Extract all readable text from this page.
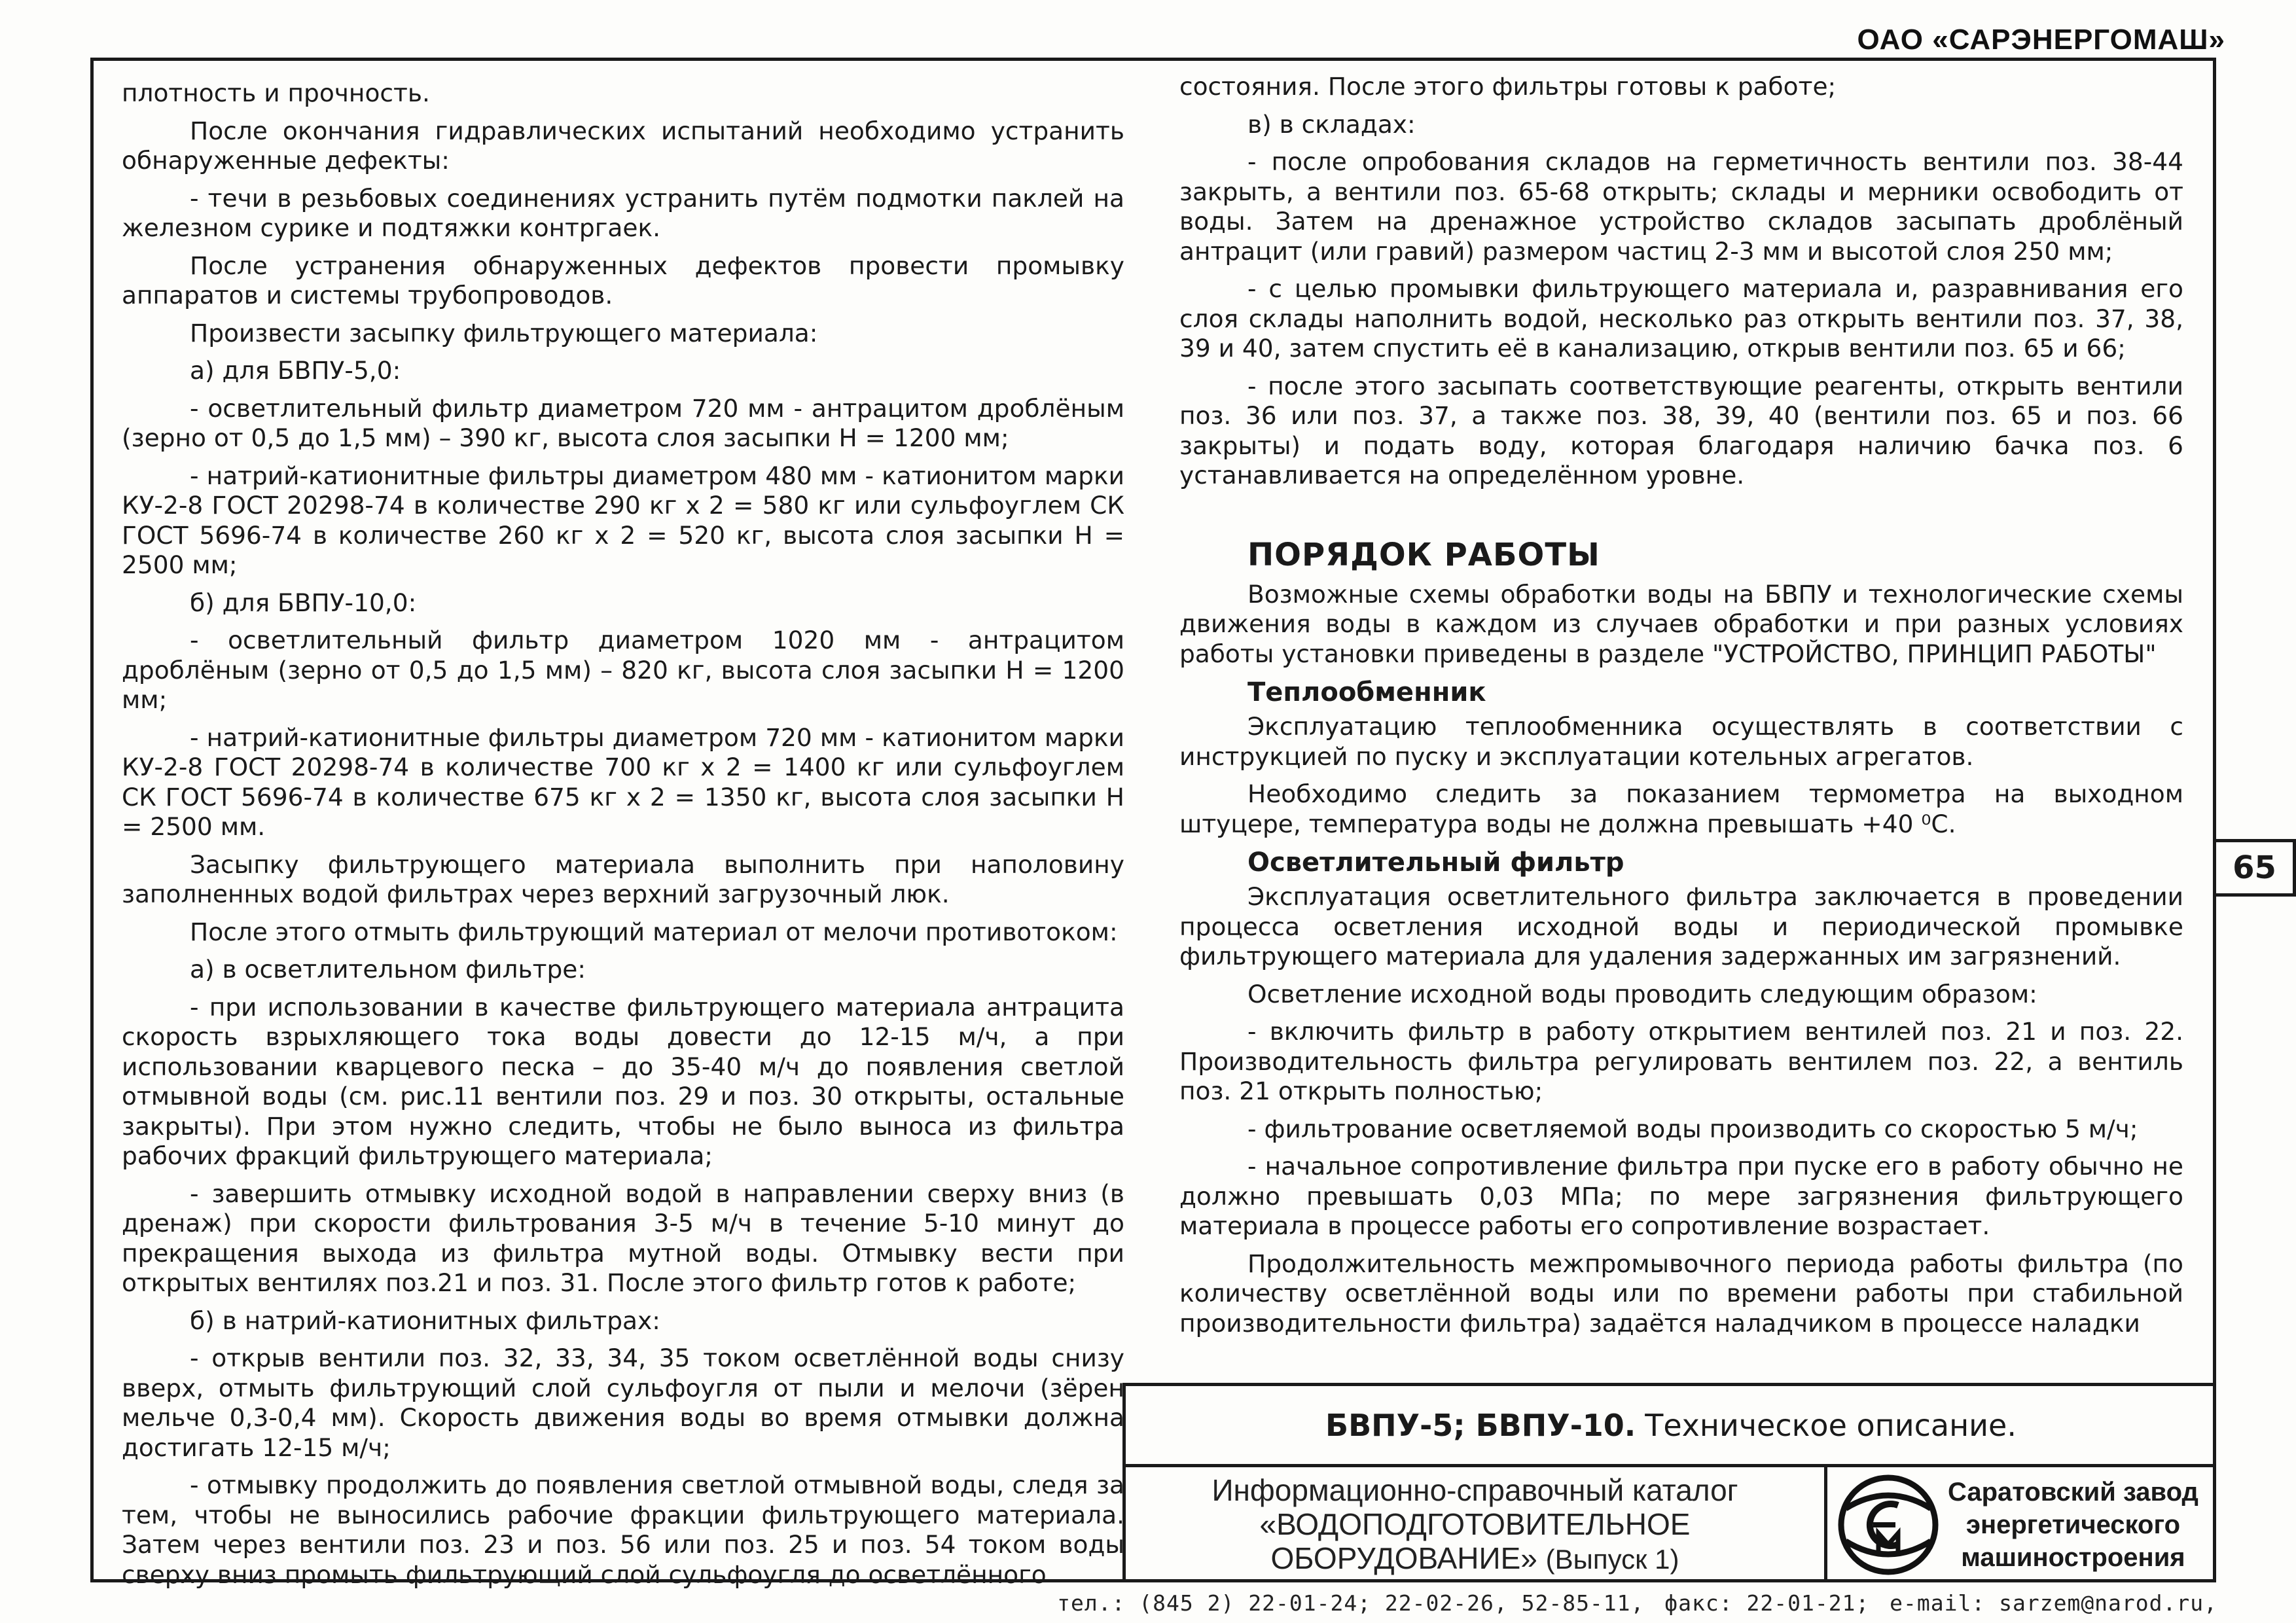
ОАО «САРЭНЕРГОМАШ»

плотность и прочность.

После окончания гидравлических испытаний необходимо устранить обнаруженные дефекты:

- течи в резьбовых соединениях устранить путём подмотки паклей на железном сурике и подтяжки контргаек.

После устранения обнаруженных дефектов провести промывку аппаратов и системы трубопроводов.

Произвести засыпку фильтрующего материала:

а) для БВПУ-5,0:

- осветлительный фильтр диаметром 720 мм - антрацитом дроблёным (зерно от 0,5 до 1,5 мм) – 390 кг, высота слоя засыпки Н = 1200 мм;

- натрий-катионитные фильтры диаметром 480 мм - катионитом марки КУ-2-8 ГОСТ 20298-74 в количестве 290 кг х 2 = 580 кг или сульфоуглем СК ГОСТ 5696-74 в количестве 260 кг х 2 = 520 кг, высота слоя засыпки Н = 2500 мм;

б) для БВПУ-10,0:

- осветлительный фильтр диаметром 1020 мм - антрацитом дроблёным (зерно от 0,5 до 1,5 мм) – 820 кг, высота слоя засыпки Н = 1200 мм;

- натрий-катионитные фильтры диаметром 720 мм - катионитом марки КУ-2-8 ГОСТ 20298-74 в количестве 700 кг х 2 = 1400 кг или сульфоуглем СК ГОСТ 5696-74 в количестве 675 кг х 2 = 1350 кг, высота слоя засыпки Н = 2500 мм.

Засыпку фильтрующего материала выполнить при наполовину заполненных водой фильтрах через верхний загрузочный люк.

После этого отмыть фильтрующий материал от мелочи противотоком:

а) в осветлительном фильтре:

- при использовании в качестве фильтрующего материала антрацита скорость взрыхляющего тока воды довести до 12-15 м/ч, а при использовании кварцевого песка – до 35-40 м/ч до появления светлой отмывной воды (см. рис.11 вентили поз. 29 и поз. 30 открыты, остальные закрыты). При этом нужно следить, чтобы не было выноса из фильтра рабочих фракций фильтрующего материала;

- завершить отмывку исходной водой в направлении сверху вниз (в дренаж) при скорости фильтрования 3-5 м/ч в течение 5-10 минут до прекращения выхода из фильтра мутной воды. Отмывку вести при открытых вентилях поз.21 и поз. 31. После этого фильтр готов к работе;

б) в натрий-катионитных фильтрах:

- открыв вентили поз. 32, 33, 34, 35 током осветлённой воды снизу вверх, отмыть фильтрующий слой сульфоугля от пыли и мелочи (зёрен мельче 0,3-0,4 мм). Скорость движения воды во время отмывки должна достигать 12-15 м/ч;

- отмывку продолжить до появления светлой отмывной воды, следя за тем, чтобы не выносились рабочие фракции фильтрующего материала. Затем через вентили поз. 23 и поз. 56 или поз. 25 и поз. 54 током воды сверху вниз промыть фильтрующий слой сульфоугля до осветлённого

состояния. После этого фильтры готовы к работе;

в) в складах:

- после опробования складов на герметичность вентили поз. 38-44 закрыть, а вентили поз. 65-68 открыть; склады и мерники освободить от воды. Затем на дренажное устройство складов засыпать дроблёный антрацит (или гравий) размером частиц 2-3 мм и высотой слоя 250 мм;

- с целью промывки фильтрующего материала и, разравнивания его слоя склады наполнить водой, несколько раз открыть вентили поз. 37, 38, 39 и 40, затем спустить её в канализацию, открыв вентили поз. 65 и 66;

- после этого засыпать соответствующие реагенты, открыть вентили поз. 36 или поз. 37, а также поз. 38, 39, 40 (вентили поз. 65 и поз. 66 закрыты) и подать воду, которая благодаря наличию бачка поз. 6 устанавливается на определённом уровне.

ПОРЯДОК РАБОТЫ

Возможные схемы обработки воды на БВПУ и технологические схемы движения воды в каждом из случаев обработки и при разных условиях работы установки приведены в разделе "УСТРОЙСТВО, ПРИНЦИП РАБОТЫ"

Теплообменник

Эксплуатацию теплообменника осуществлять в соответствии с инструкцией по пуску и эксплуатации котельных агрегатов.

Необходимо следить за показанием термометра на выходном штуцере, температура воды не должна превышать +40 ⁰С.

Осветлительный фильтр

Эксплуатация осветлительного фильтра заключается в проведении процесса осветления исходной воды и периодической промывке фильтрующего материала для удаления задержанных им загрязнений.

Осветление исходной воды проводить следующим образом:

- включить фильтр в работу открытием вентилей поз. 21 и поз. 22. Производительность фильтра регулировать вентилем поз. 22, а вентиль поз. 21 открыть полностью;

- фильтрование осветляемой воды производить со скоростью 5 м/ч;

- начальное сопротивление фильтра при пуске его в работу обычно не должно превышать 0,03 МПа; по мере загрязнения фильтрующего материала в процессе работы его сопротивление возрастает.

Продолжительность межпромывочного периода работы фильтра (по количеству осветлённой воды или по времени работы при стабильной производительности фильтра) задаётся наладчиком в процессе наладки

65
БВПУ-5; БВПУ-10. Техническое описание.
Информационно-справочный каталог
«ВОДОПОДГОТОВИТЕЛЬНОЕ
ОБОРУДОВАНИЕ» (Выпуск 1)
Саратовский завод
энергетического
машиностроения
тел.: (845 2) 22-01-24; 22-02-26, 52-85-11, факс: 22-01-21; e-mail: sarzem@narod.ru,
